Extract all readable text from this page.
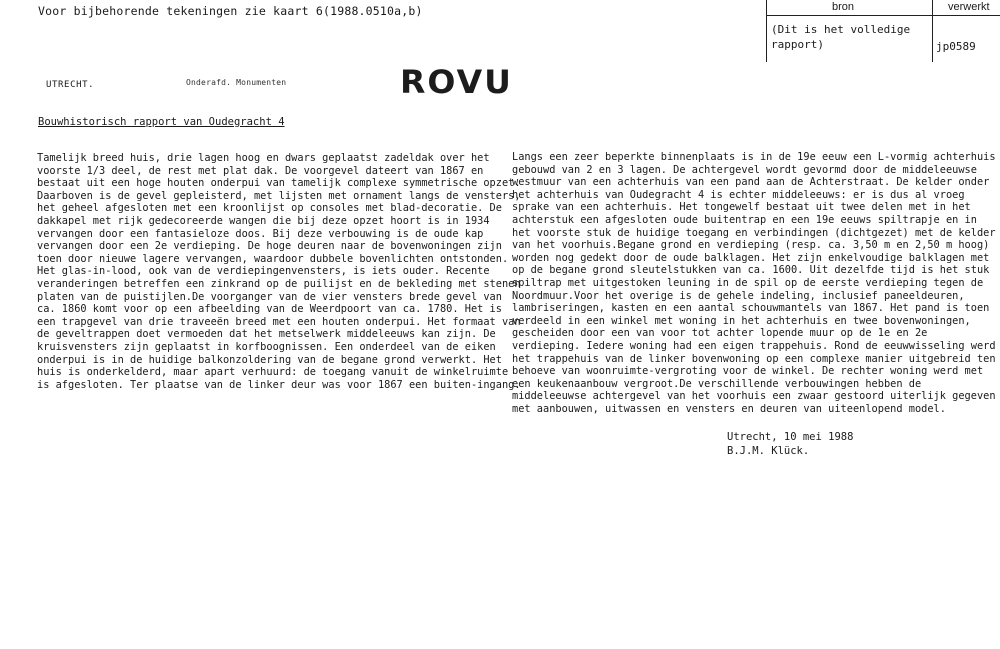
Voor bijbehorende tekeningen zie kaart 6(1988.0510a,b)	bron	verwerkt
(Dit is het volledige
rapport)	jp0589
UTRECHT.	Onderafd. Monumenten	ROVU
Bouwhistorisch rapport van Oudegracht 4
Tamelijk breed huis, drie lagen hoog en dwars geplaatst zadeldak over het
voorste 1/3 deel, de rest met plat dak. De voorgevel dateert van 1867 en
bestaat uit een hoge houten onderpui van tamelijk complexe symmetrische opzet.
Daarboven is de gevel gepleisterd, met lijsten met ornament langs de vensters,
het geheel afgesloten met een kroonlijst op consoles met blad-decoratie. De
dakkapel met rijk gedecoreerde wangen die bij deze opzet hoort is in 1934
vervangen door een fantasieloze doos. Bij deze verbouwing is de oude kap
vervangen door een 2e verdieping. De hoge deuren naar de bovenwoningen zijn
toen door nieuwe lagere vervangen, waardoor dubbele bovenlichten ontstonden.
Het glas-in-lood, ook van de verdiepingenvensters, is iets ouder. Recente
veranderingen betreffen een zinkrand op de puilijst en de bekleding met stenen
platen van de puistijlen.De voorganger van de vier vensters brede gevel van
ca. 1860 komt voor op een afbeelding van de Weerdpoort van ca. 1780. Het is
een trapgevel van drie traveeën breed met een houten onderpui. Het formaat van
de geveltrappen doet vermoeden dat het metselwerk middeleeuws kan zijn. De
kruisvensters zijn geplaatst in korfboognissen. Een onderdeel van de eiken
onderpui is in de huidige balkonzoldering van de begane grond verwerkt. Het
huis is onderkelderd, maar apart verhuurd: de toegang vanuit de winkelruimte
is afgesloten. Ter plaatse van de linker deur was voor 1867 een buiten-ingang.
Langs een zeer beperkte binnenplaats is in de 19e eeuw een L-vormig achterhuis
gebouwd van 2 en 3 lagen. De achtergevel wordt gevormd door de middeleeuwse
westmuur van een achterhuis van een pand aan de Achterstraat. De kelder onder
het achterhuis van Oudegracht 4 is echter middeleeuws: er is dus al vroeg
sprake van een achterhuis. Het tongewelf bestaat uit twee delen met in het
achterstuk een afgesloten oude buitentrap en een 19e eeuws spiltrapje en in
het voorste stuk de huidige toegang en verbindingen (dichtgezet) met de kelder
van het voorhuis.Begane grond en verdieping (resp. ca. 3,50 m en 2,50 m hoog)
worden nog gedekt door de oude balklagen. Het zijn enkelvoudige balklagen met
op de begane grond sleutelstukken van ca. 1600. Uit dezelfde tijd is het stuk
spiltrap met uitgestoken leuning in de spil op de eerste verdieping tegen de
Noordmuur.Voor het overige is de gehele indeling, inclusief paneeldeuren,
lambriseringen, kasten en een aantal schouwmantels van 1867. Het pand is toen
verdeeld in een winkel met woning in het achterhuis en twee bovenwoningen,
gescheiden door een van voor tot achter lopende muur op de 1e en 2e
verdieping. Iedere woning had een eigen trappehuis. Rond de eeuwwisseling werd
het trappehuis van de linker bovenwoning op een complexe manier uitgebreid ten
behoeve van woonruimte-vergroting voor de winkel. De rechter woning werd met
een keukenaanbouw vergroot.De verschillende verbouwingen hebben de
middeleeuwse achtergevel van het voorhuis een zwaar gestoord uiterlijk gegeven
met aanbouwen, uitwassen en vensters en deuren van uiteenlopend model.
Utrecht, 10 mei 1988
B.J.M. Klück.
